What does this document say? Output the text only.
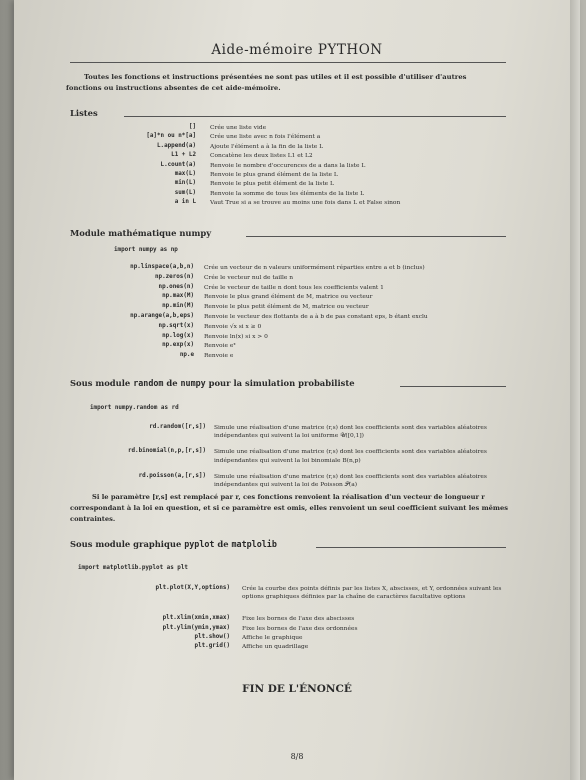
Aide-mémoire PYTHON
Toutes les fonctions et instructions présentées ne sont pas utiles et il est possible d'utiliser d'autres fonctions ou instructions absentes de cet aide-mémoire.
Listes
[] Crée une liste vide
[a]*n ou n*[a] Crée une liste avec n fois l'élément a
L.append(a) Ajoute l'élément a à la fin de la liste L
L1 + L2 Concatène les deux listes L1 et L2
L.count(a) Renvoie le nombre d'occurences de a dans la liste L
max(L) Renvoie le plus grand élément de la liste L
min(L) Renvoie le plus petit élément de la liste L
sum(L) Renvoie la somme de tous les éléments de la liste L
a in L Vaut True si a se trouve au moins une fois dans L et False sinon
Module mathématique numpy
import numpy as np
np.linspace(a,b,n) Crée un vecteur de n valeurs uniformément réparties entre a et b (inclus)
np.zeros(n) Crée le vecteur nul de taille n
np.ones(n) Crée le vecteur de taille n dont tous les coefficients valent 1
np.max(M) Renvoie le plus grand élément de M, matrice ou vecteur
np.min(M) Renvoie le plus petit élément de M, matrice ou vecteur
np.arange(a,b,eps) Renvoie le vecteur des flottants de a à b de pas constant eps, b étant exclu
np.sqrt(x) Renvoie √x si x ≥ 0
np.log(x) Renvoie ln(x) si x > 0
np.exp(x) Renvoie eˣ
np.e Renvoie e
Sous module random de numpy pour la simulation probabiliste
import numpy.random as rd
rd.random([r,s]) Simule une réalisation d'une matrice (r,s) dont les coefficients sont des variables aléatoires indépendantes qui suivent la loi uniforme 𝒰([0,1])
rd.binomial(n,p,[r,s]) Simule une réalisation d'une matrice (r,s) dont les coefficients sont des variables aléatoires indépendantes qui suivent la loi binomiale B(n,p)
rd.poisson(a,[r,s]) Simule une réalisation d'une matrice (r,s) dont les coefficients sont des variables aléatoires indépendantes qui suivent la loi de Poisson 𝒫(a)
Si le paramètre [r,s] est remplacé par r, ces fonctions renvoient la réalisation d'un vecteur de longueur r correspondant à la loi en question, et si ce paramètre est omis, elles renvoient un seul coefficient suivant les mêmes contraintes.
Sous module graphique pyplot de matplolib
import matplotlib.pyplot as plt
plt.plot(X,Y,options) Crée la courbe des points définis par les listes X, abscisses, et Y, ordonnées suivant les options graphiques définies par la chaîne de caractères facultative options
plt.xlim(xmin,xmax) Fixe les bornes de l'axe des abscisses
plt.ylim(ymin,ymax) Fixe les bornes de l'axe des ordonnées
plt.show() Affiche le graphique
plt.grid() Affiche un quadrillage
FIN DE L'ÉNONCÉ
8/8
